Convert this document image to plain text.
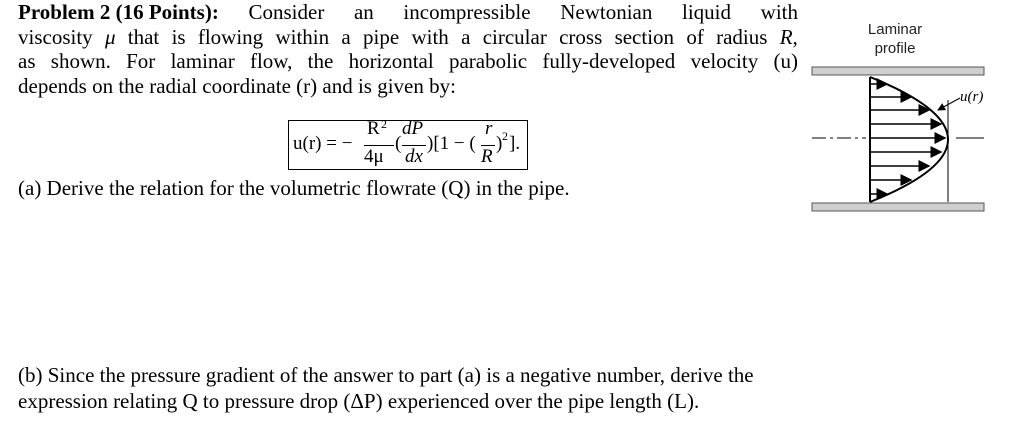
Problem 2 (16 Points): Consider an incompressible Newtonian liquid with
viscosity μ that is flowing within a pipe with a circular cross section of radius R,
as shown. For laminar flow, the horizontal parabolic fully-developed velocity (u)
depends on the radial coordinate (r) and is given by:
u(r) = −
R 2
4μ
(
dP
dx
)[1 − (
r
R
) 2 ].
(a) Derive the relation for the volumetric flowrate (Q) in the pipe.
(b) Since the pressure gradient of the answer to part (a) is a negative number, derive the
expression relating Q to pressure drop (ΔP) experienced over the pipe length (L).
Laminar
profile
u(r)
